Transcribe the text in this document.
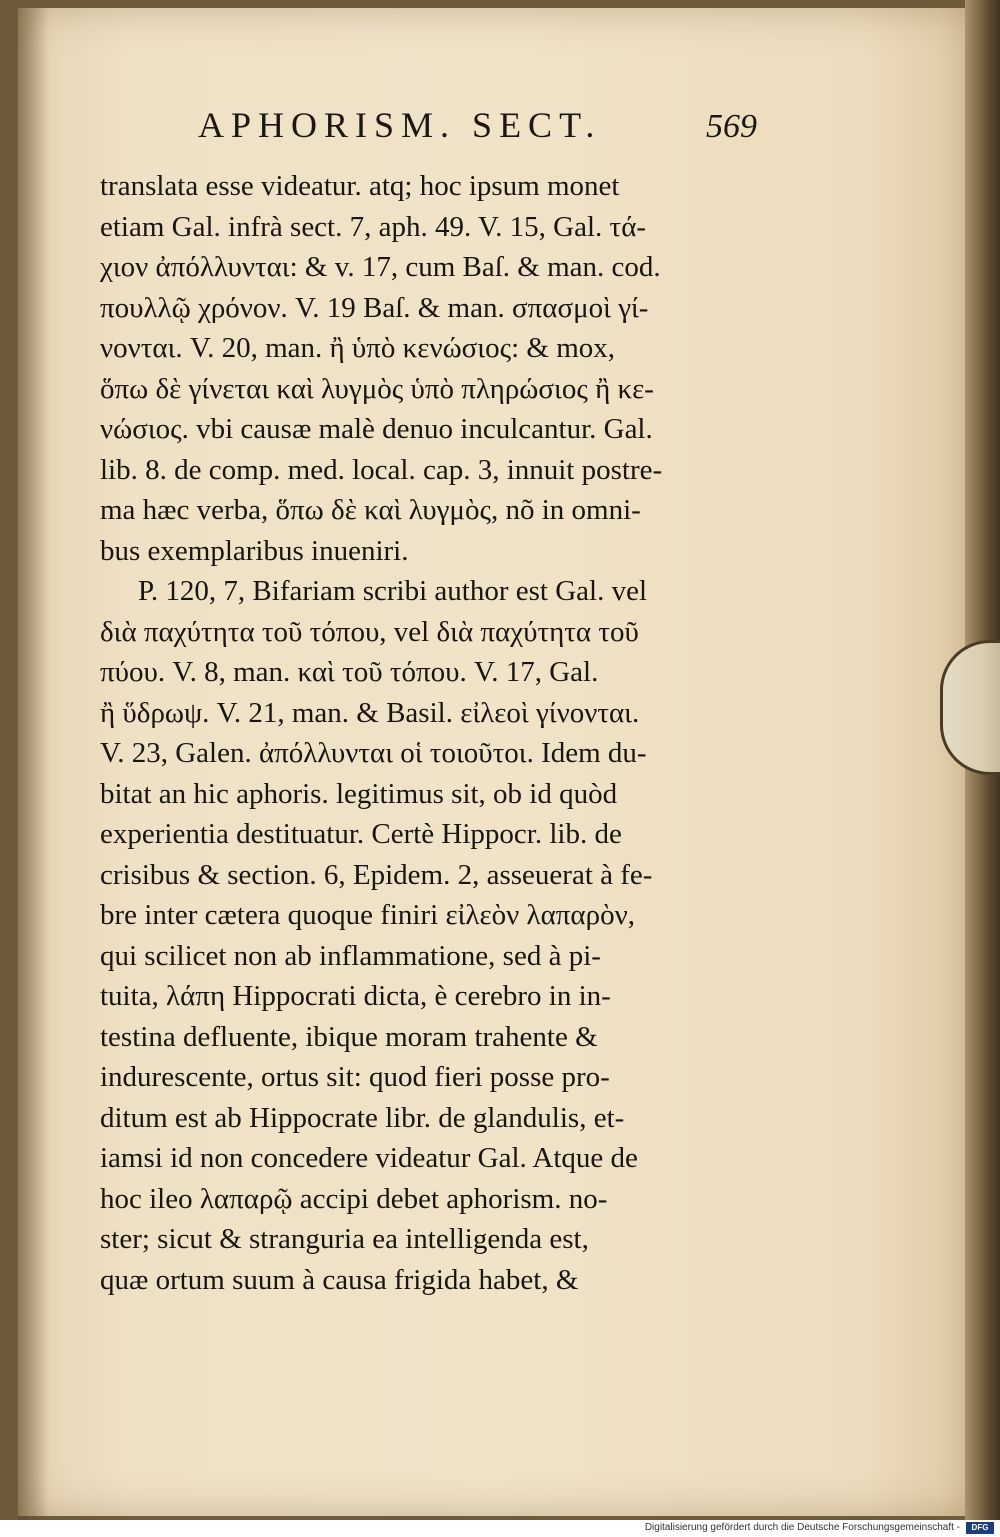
APHORISM. SECT.	569
translata esse videatur. atq; hoc ipsum monet
etiam Gal. infrà sect. 7, aph. 49. V. 15, Gal. τά-
χιον ἀπόλλυνται: & v. 17, cum Baſ. & man. cod.
πουλλῷ χρόνον. V. 19 Baſ. & man. σπασμοὶ γί-
νονται. V. 20, man. ἢ ὑπὸ κενώσιος: & mox,
ὅπω δὲ γίνεται καὶ λυγμὸς ὑπὸ πληρώσιος ἢ κε-
νώσιος. vbi causæ malè denuo inculcantur. Gal.
lib. 8. de comp. med. local. cap. 3, innuit postre-
ma hæc verba, ὅπω δὲ καὶ λυγμὸς, nõ in omni-
bus exemplaribus inueniri.
P. 120, 7, Bifariam scribi author est Gal. vel
διὰ παχύτητα τοῦ τόπου, vel διὰ παχύτητα τοῦ
πύου. V. 8, man. καὶ τοῦ τόπου. V. 17, Gal.
ἢ ὕδρωψ. V. 21, man. & Basil. εἰλεοὶ γίνονται.
V. 23, Galen. ἀπόλλυνται οἱ τοιοῦτοι. Idem du-
bitat an hic aphoris. legitimus sit, ob id quòd
experientia destituatur. Certè Hippocr. lib. de
crisibus & section. 6, Epidem. 2, asseuerat à fe-
bre inter cætera quoque finiri εἰλεὸν λαπαρὸν,
qui scilicet non ab inflammatione, sed à pi-
tuita, λάπη Hippocrati dicta, è cerebro in in-
testina defluente, ibique moram trahente &
indurescente, ortus sit: quod fieri posse pro-
ditum est ab Hippocrate libr. de glandulis, et-
iamsi id non concedere videatur Gal. Atque de
hoc ileo λαπαρῷ accipi debet aphorism. no-
ster; sicut & stranguria ea intelligenda est,
quæ ortum suum à causa frigida habet, &
Digitalisierung gefördert durch die Deutsche Forschungsgemeinschaft -	DFG
